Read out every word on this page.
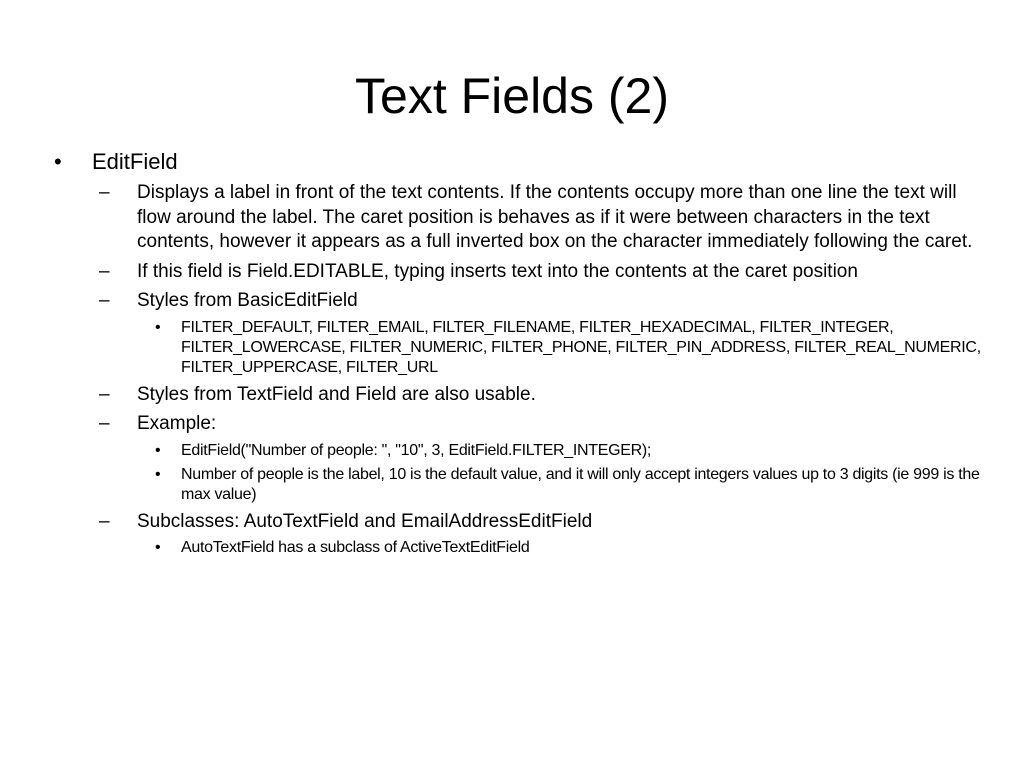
Text Fields (2)
•	EditField
– Displays a label in front of the text contents. If the contents occupy more than one line the text will flow around the label. The caret position is behaves as if it were between characters in the text contents, however it appears as a full inverted box on the character immediately following the caret.
– If this field is Field.EDITABLE, typing inserts text into the contents at the caret position
– Styles from BasicEditField
• FILTER_DEFAULT, FILTER_EMAIL, FILTER_FILENAME, FILTER_HEXADECIMAL, FILTER_INTEGER, FILTER_LOWERCASE, FILTER_NUMERIC, FILTER_PHONE, FILTER_PIN_ADDRESS, FILTER_REAL_NUMERIC, FILTER_UPPERCASE, FILTER_URL
– Styles from TextField and Field are also usable.
– Example:
• EditField("Number of people: ", "10", 3, EditField.FILTER_INTEGER);
• Number of people is the label, 10 is the default value, and it will only accept integers values up to 3 digits (ie 999 is the max value)
– Subclasses: AutoTextField and EmailAddressEditField
• AutoTextField has a subclass of ActiveTextEditField
